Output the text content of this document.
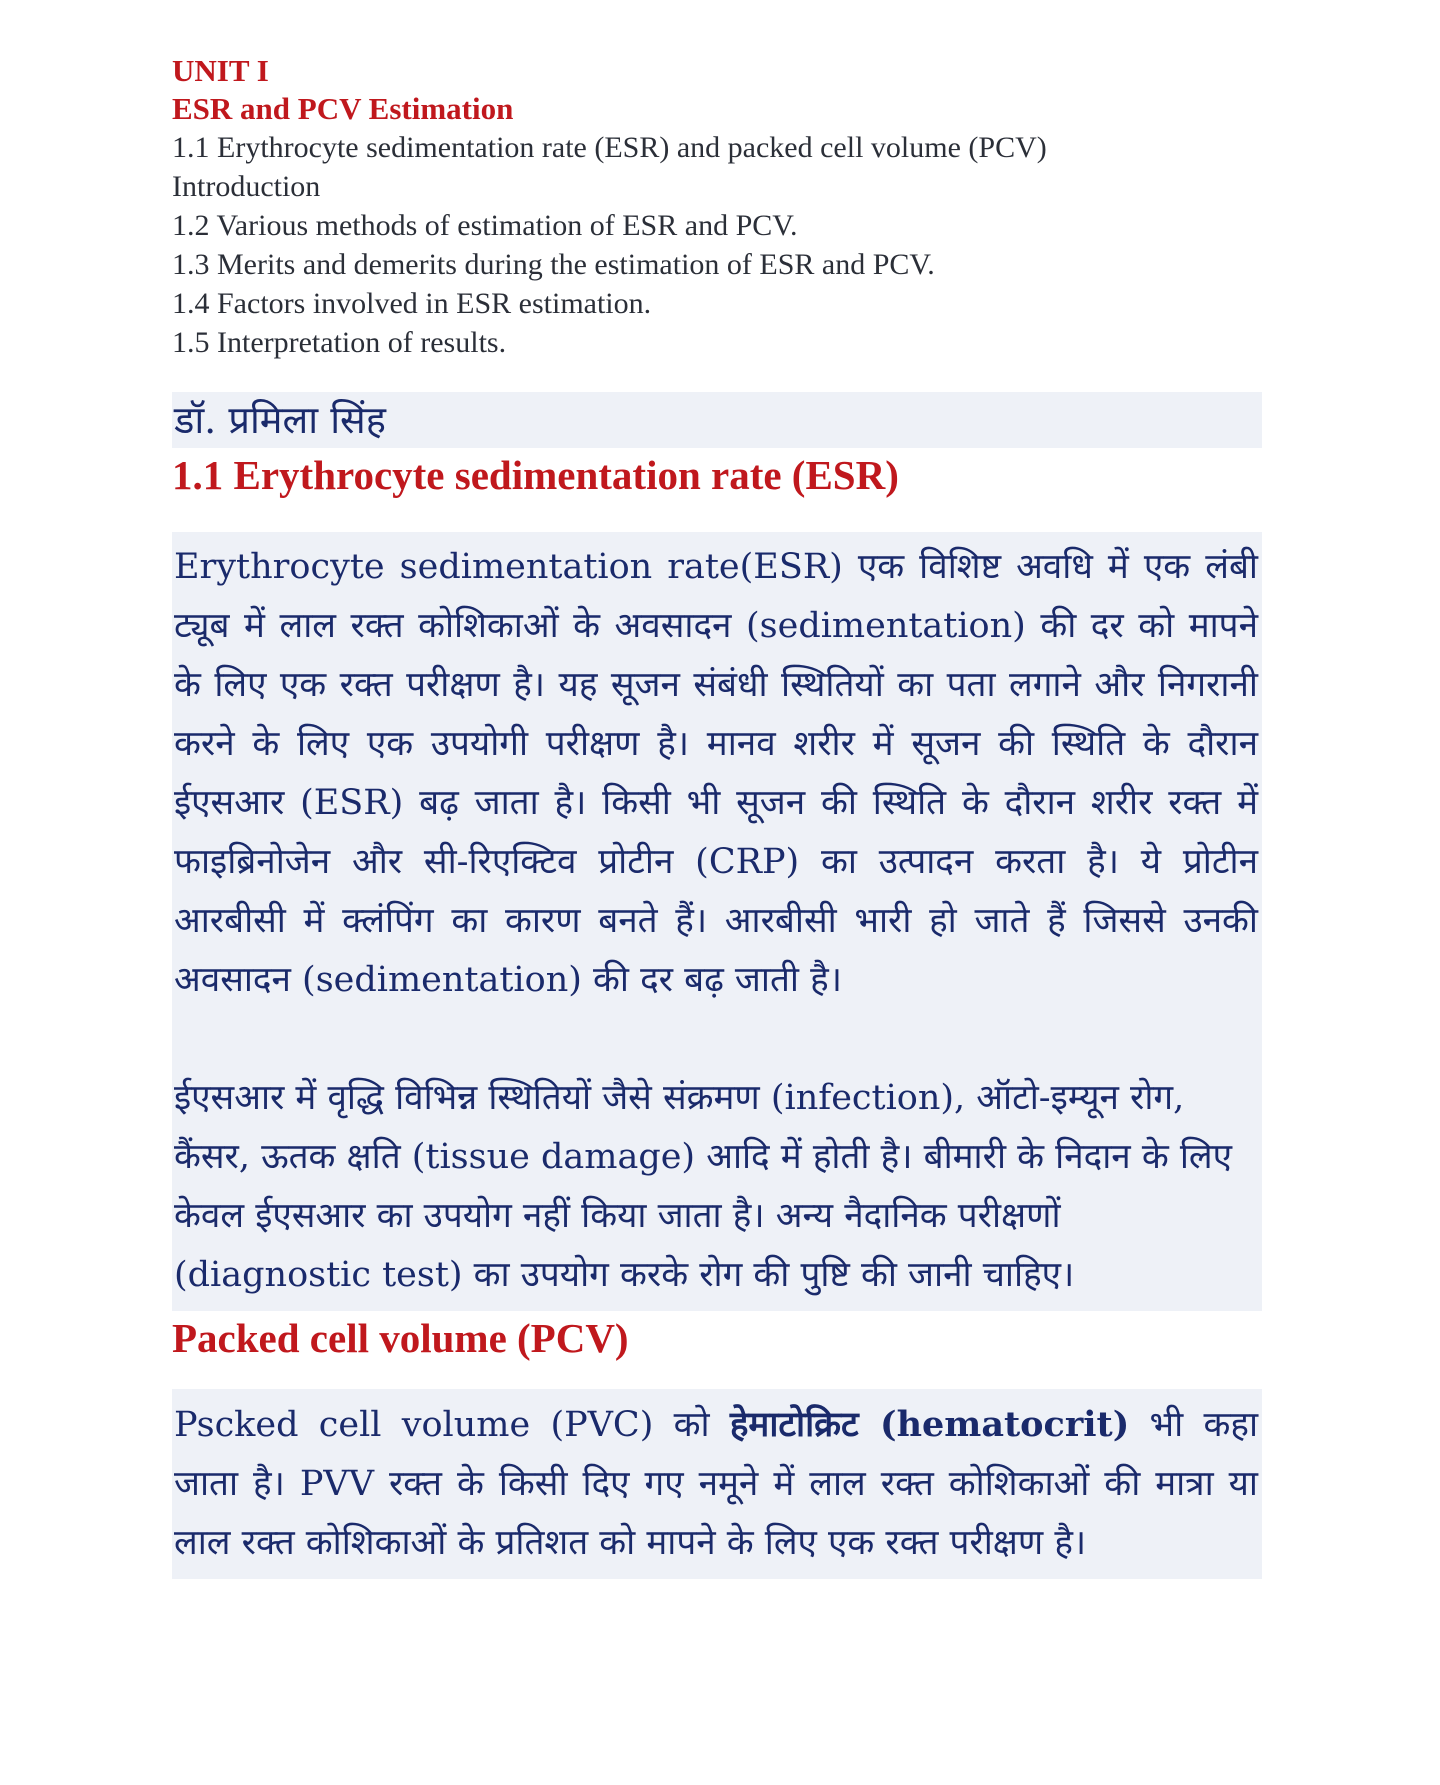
UNIT I
ESR and PCV Estimation
1.1 Erythrocyte sedimentation rate (ESR) and packed cell volume (PCV)
Introduction
1.2 Various methods of estimation of ESR and PCV.
1.3 Merits and demerits during the estimation of ESR and PCV.
1.4 Factors involved in ESR estimation.
1.5 Interpretation of results.
डॉ. प्रमिला सिंह
1.1 Erythrocyte sedimentation rate (ESR)

Erythrocyte sedimentation rate(ESR) एक विशिष्ट अवधि में एक लंबी ट्यूब में लाल रक्त कोशिकाओं के अवसादन (sedimentation) की दर को मापने के लिए एक रक्त परीक्षण है। यह सूजन संबंधी स्थितियों का पता लगाने और निगरानी करने के लिए एक उपयोगी परीक्षण है। मानव शरीर में सूजन की स्थिति के दौरान ईएसआर (ESR) बढ़ जाता है। किसी भी सूजन की स्थिति के दौरान शरीर रक्त में फाइब्रिनोजेन और सी-रिएक्टिव प्रोटीन (CRP) का उत्पादन करता है। ये प्रोटीन आरबीसी में क्लंपिंग का कारण बनते हैं। आरबीसी भारी हो जाते हैं जिससे उनकी अवसादन (sedimentation) की दर बढ़ जाती है।

ईएसआर में वृद्धि विभिन्न स्थितियों जैसे संक्रमण (infection), ऑटो-इम्यून रोग, कैंसर, ऊतक क्षति (tissue damage) आदि में होती है। बीमारी के निदान के लिए केवल ईएसआर का उपयोग नहीं किया जाता है। अन्य नैदानिक परीक्षणों (diagnostic test) का उपयोग करके रोग की पुष्टि की जानी चाहिए।

Packed cell volume (PCV)

Pscked cell volume (PVC) को हेमाटोक्रिट (hematocrit) भी कहा जाता है। PVV रक्त के किसी दिए गए नमूने में लाल रक्त कोशिकाओं की मात्रा या लाल रक्त कोशिकाओं के प्रतिशत को मापने के लिए एक रक्त परीक्षण है।
